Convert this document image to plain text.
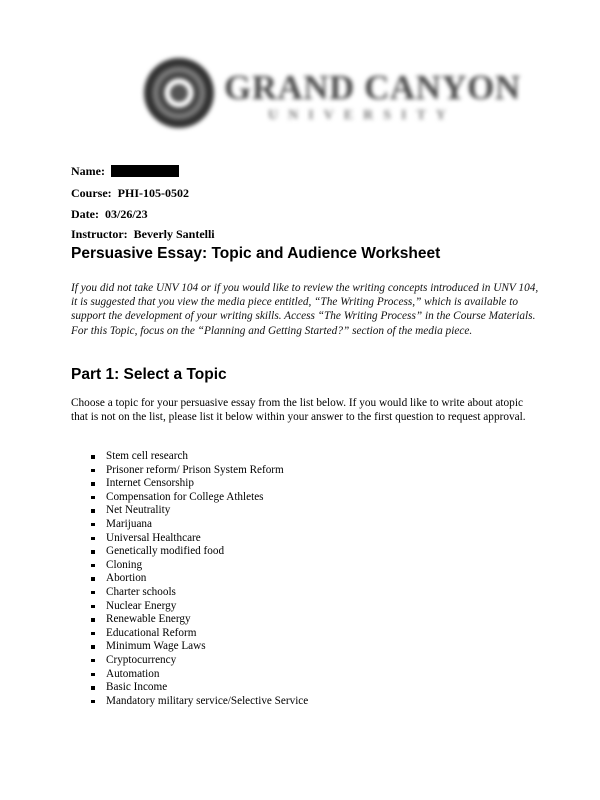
GRAND CANYON
UNIVERSITY
Name:
Course: PHI-105-0502
Date: 03/26/23
Instructor: Beverly Santelli
Persuasive Essay: Topic and Audience Worksheet
If you did not take UNV 104 or if you would like to review the writing concepts introduced in UNV 104, it is suggested that you view the media piece entitled, “The Writing Process,” which is available to support the development of your writing skills. Access “The Writing Process” in the Course Materials. For this Topic, focus on the “Planning and Getting Started?” section of the media piece.
Part 1: Select a Topic
Choose a topic for your persuasive essay from the list below. If you would like to write about atopic that is not on the list, please list it below within your answer to the first question to request approval.
Stem cell research
Prisoner reform/ Prison System Reform
Internet Censorship
Compensation for College Athletes
Net Neutrality
Marijuana
Universal Healthcare
Genetically modified food
Cloning
Abortion
Charter schools
Nuclear Energy
Renewable Energy
Educational Reform
Minimum Wage Laws
Cryptocurrency
Automation
Basic Income
Mandatory military service/Selective Service
